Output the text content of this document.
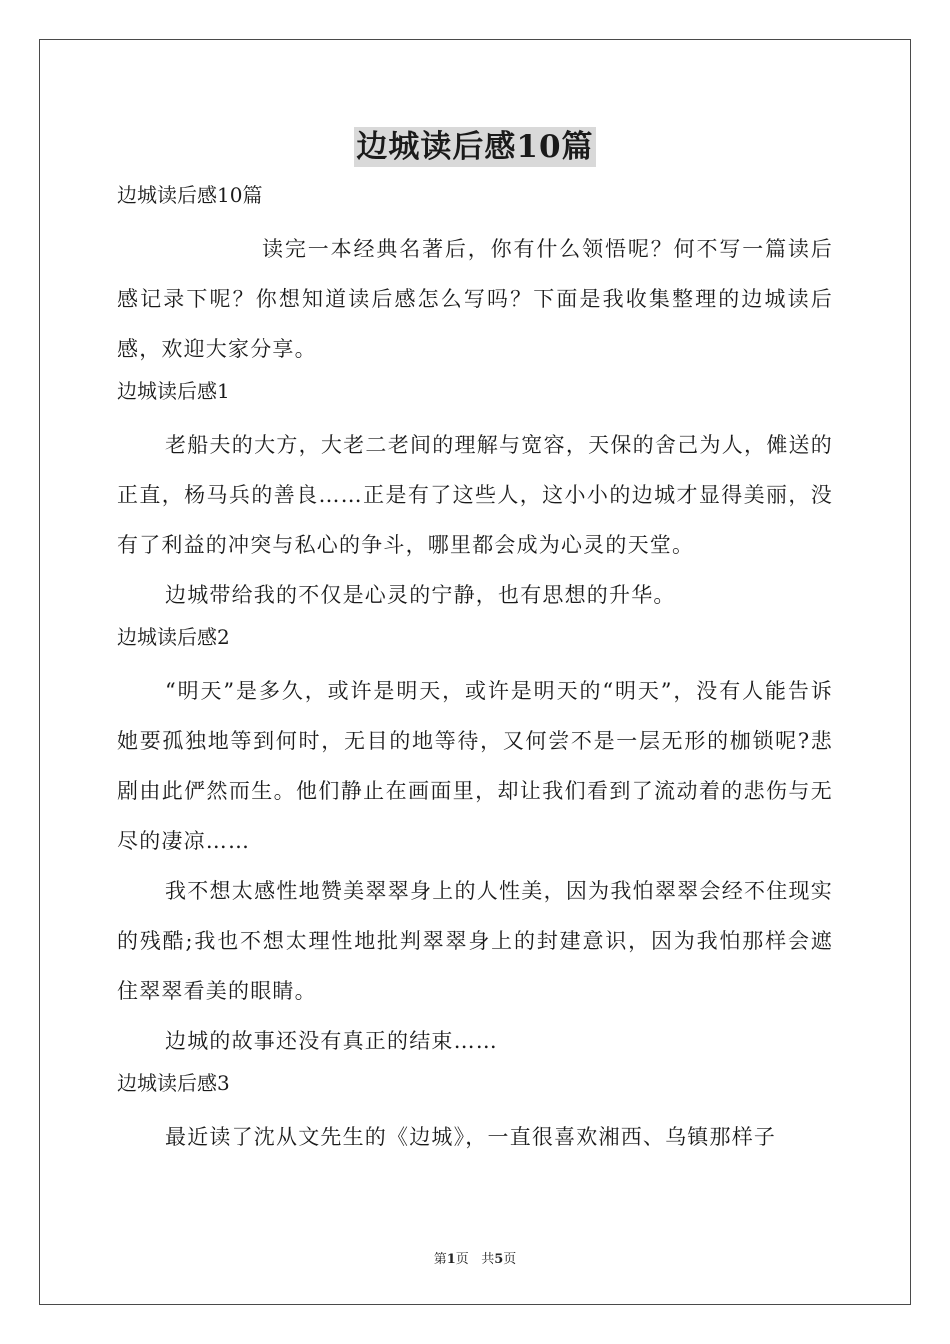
边城读后感10篇

边城读后感10篇

读完一本经典名著后，你有什么领悟呢？何不写一篇读后感记录下呢？你想知道读后感怎么写吗？下面是我收集整理的边城读后感，欢迎大家分享。

边城读后感1

老船夫的大方，大老二老间的理解与宽容，天保的舍己为人，傩送的正直，杨马兵的善良……正是有了这些人，这小小的边城才显得美丽，没有了利益的冲突与私心的争斗，哪里都会成为心灵的天堂。

边城带给我的不仅是心灵的宁静，也有思想的升华。

边城读后感2

“明天”是多久，或许是明天，或许是明天的“明天”，没有人能告诉她要孤独地等到何时，无目的地等待，又何尝不是一层无形的枷锁呢?悲剧由此俨然而生。他们静止在画面里，却让我们看到了流动着的悲伤与无尽的凄凉……

我不想太感性地赞美翠翠身上的人性美，因为我怕翠翠会经不住现实的残酷;我也不想太理性地批判翠翠身上的封建意识，因为我怕那样会遮住翠翠看美的眼睛。

边城的故事还没有真正的结束……

边城读后感3

最近读了沈从文先生的《边城》，一直很喜欢湘西、乌镇那样子

第1页 共5页
